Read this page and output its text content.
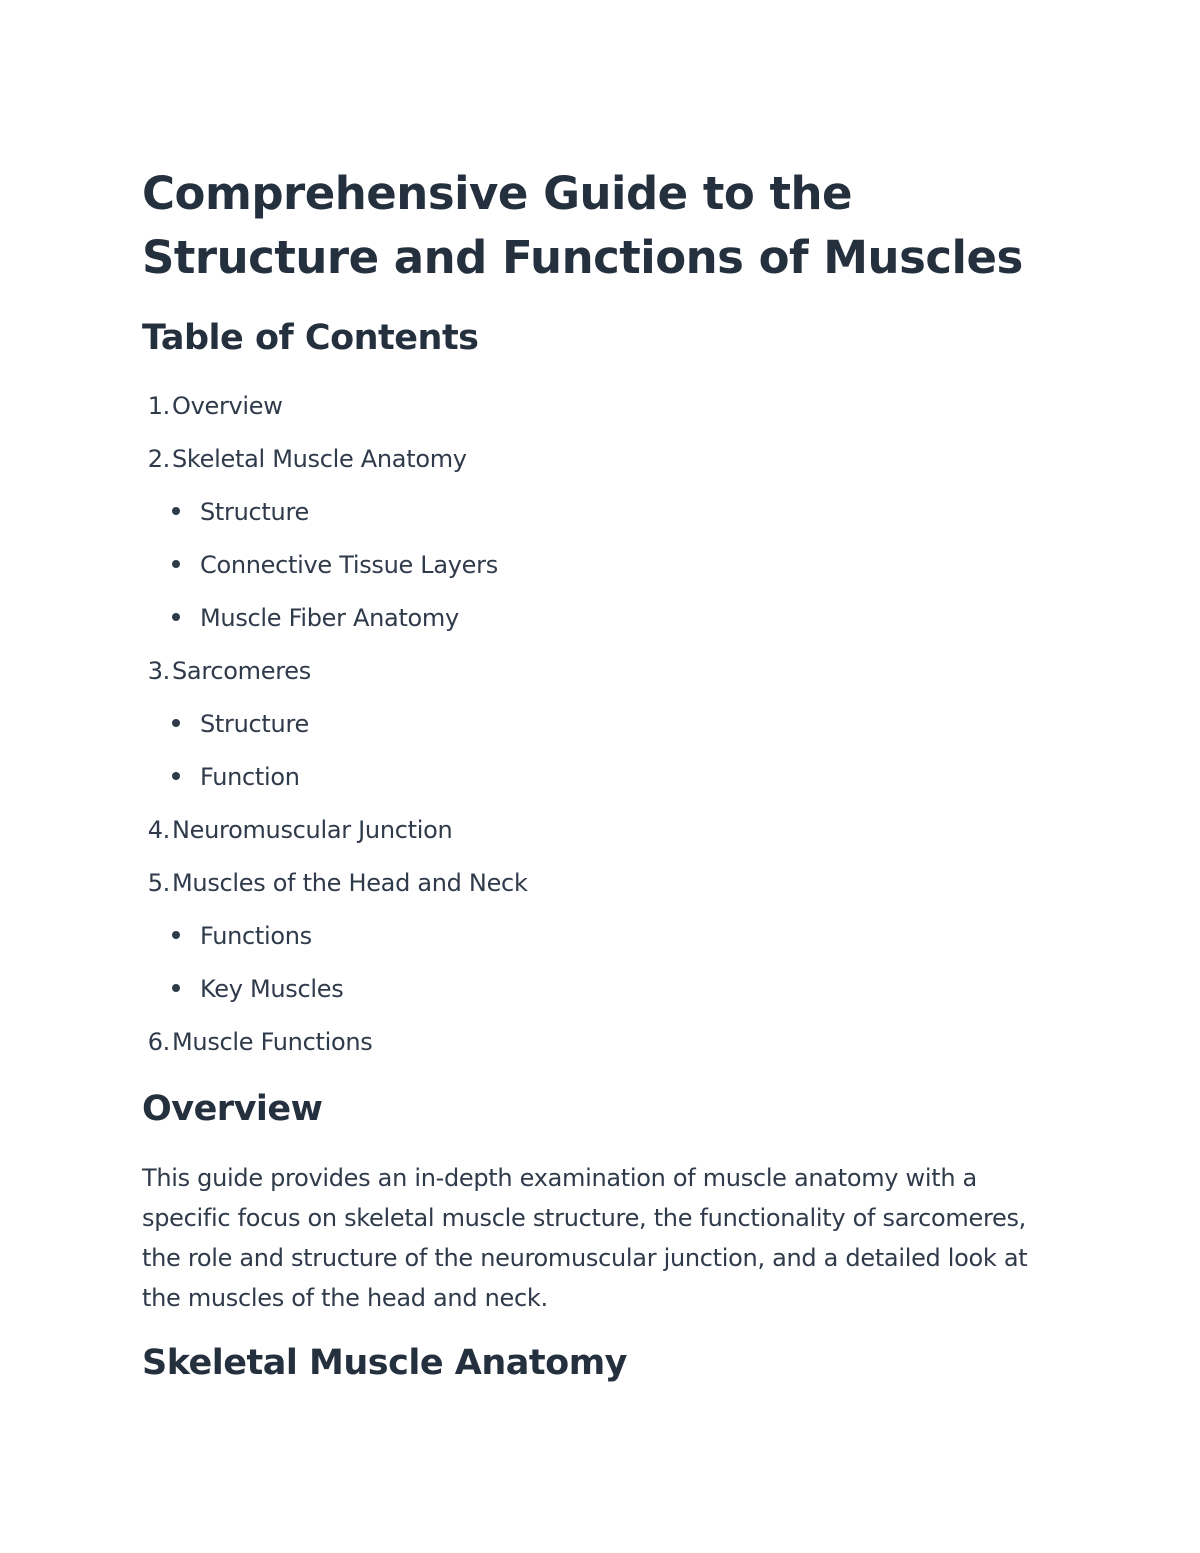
Comprehensive Guide to the Structure and Functions of Muscles
Table of Contents
1.Overview
2.Skeletal Muscle Anatomy
Structure
Connective Tissue Layers
Muscle Fiber Anatomy
3.Sarcomeres
Structure
Function
4.Neuromuscular Junction
5.Muscles of the Head and Neck
Functions
Key Muscles
6.Muscle Functions
Overview

This guide provides an in-depth examination of muscle anatomy with a specific focus on skeletal muscle structure, the functionality of sarcomeres, the role and structure of the neuromuscular junction, and a detailed look at the muscles of the head and neck.

Skeletal Muscle Anatomy
